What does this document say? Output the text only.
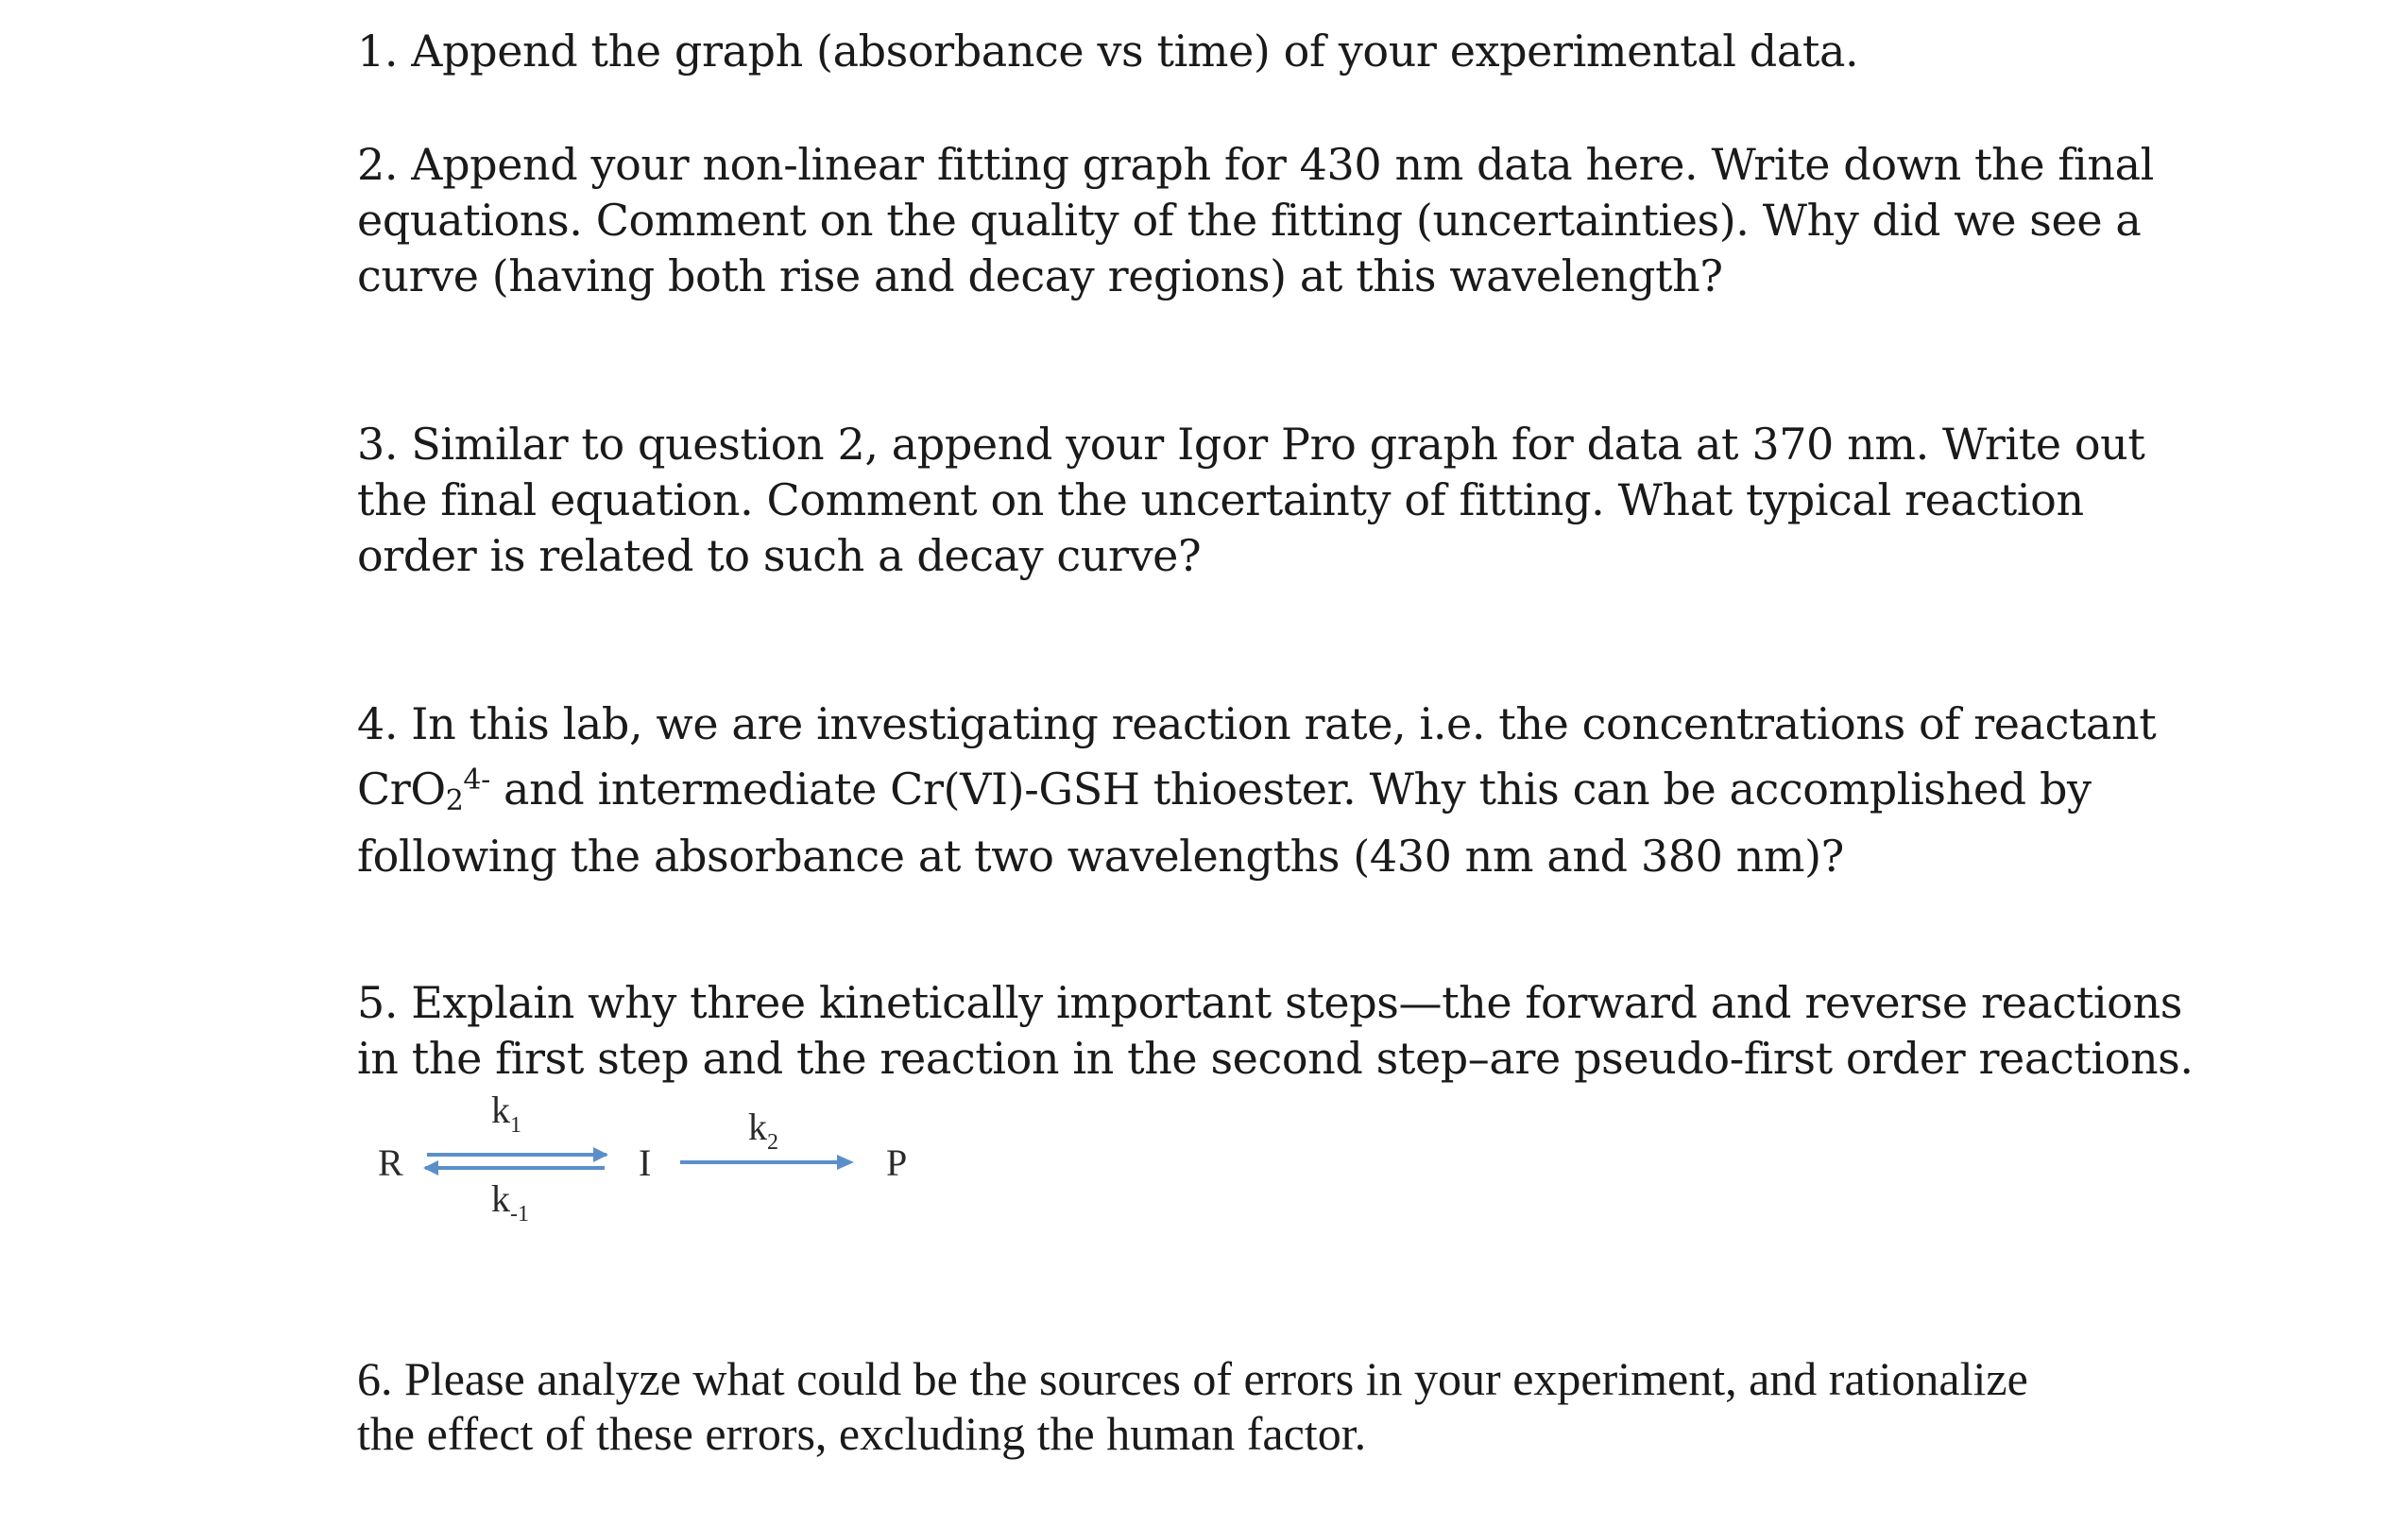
1. Append the graph (absorbance vs time) of your experimental data.

2. Append your non-linear fitting graph for 430 nm data here. Write down the final
equations. Comment on the quality of the fitting (uncertainties). Why did we see a
curve (having both rise and decay regions) at this wavelength?

3. Similar to question 2, append your Igor Pro graph for data at 370 nm. Write out
the final equation. Comment on the uncertainty of fitting. What typical reaction
order is related to such a decay curve?

4. In this lab, we are investigating reaction rate, i.e. the concentrations of reactant
CrO$_2^{4-}$ and intermediate Cr(VI)-GSH thioester. Why this can be accomplished by
following the absorbance at two wavelengths (430 nm and 380 nm)?

5. Explain why three kinetically important steps—the forward and reverse reactions
in the first step and the reaction in the second step–are pseudo-first order reactions.

R
$k_1$
$k_{-1}$
I
$k_2$	P

6. Please analyze what could be the sources of errors in your experiment, and rationalize
the effect of these errors, excluding the human factor.
